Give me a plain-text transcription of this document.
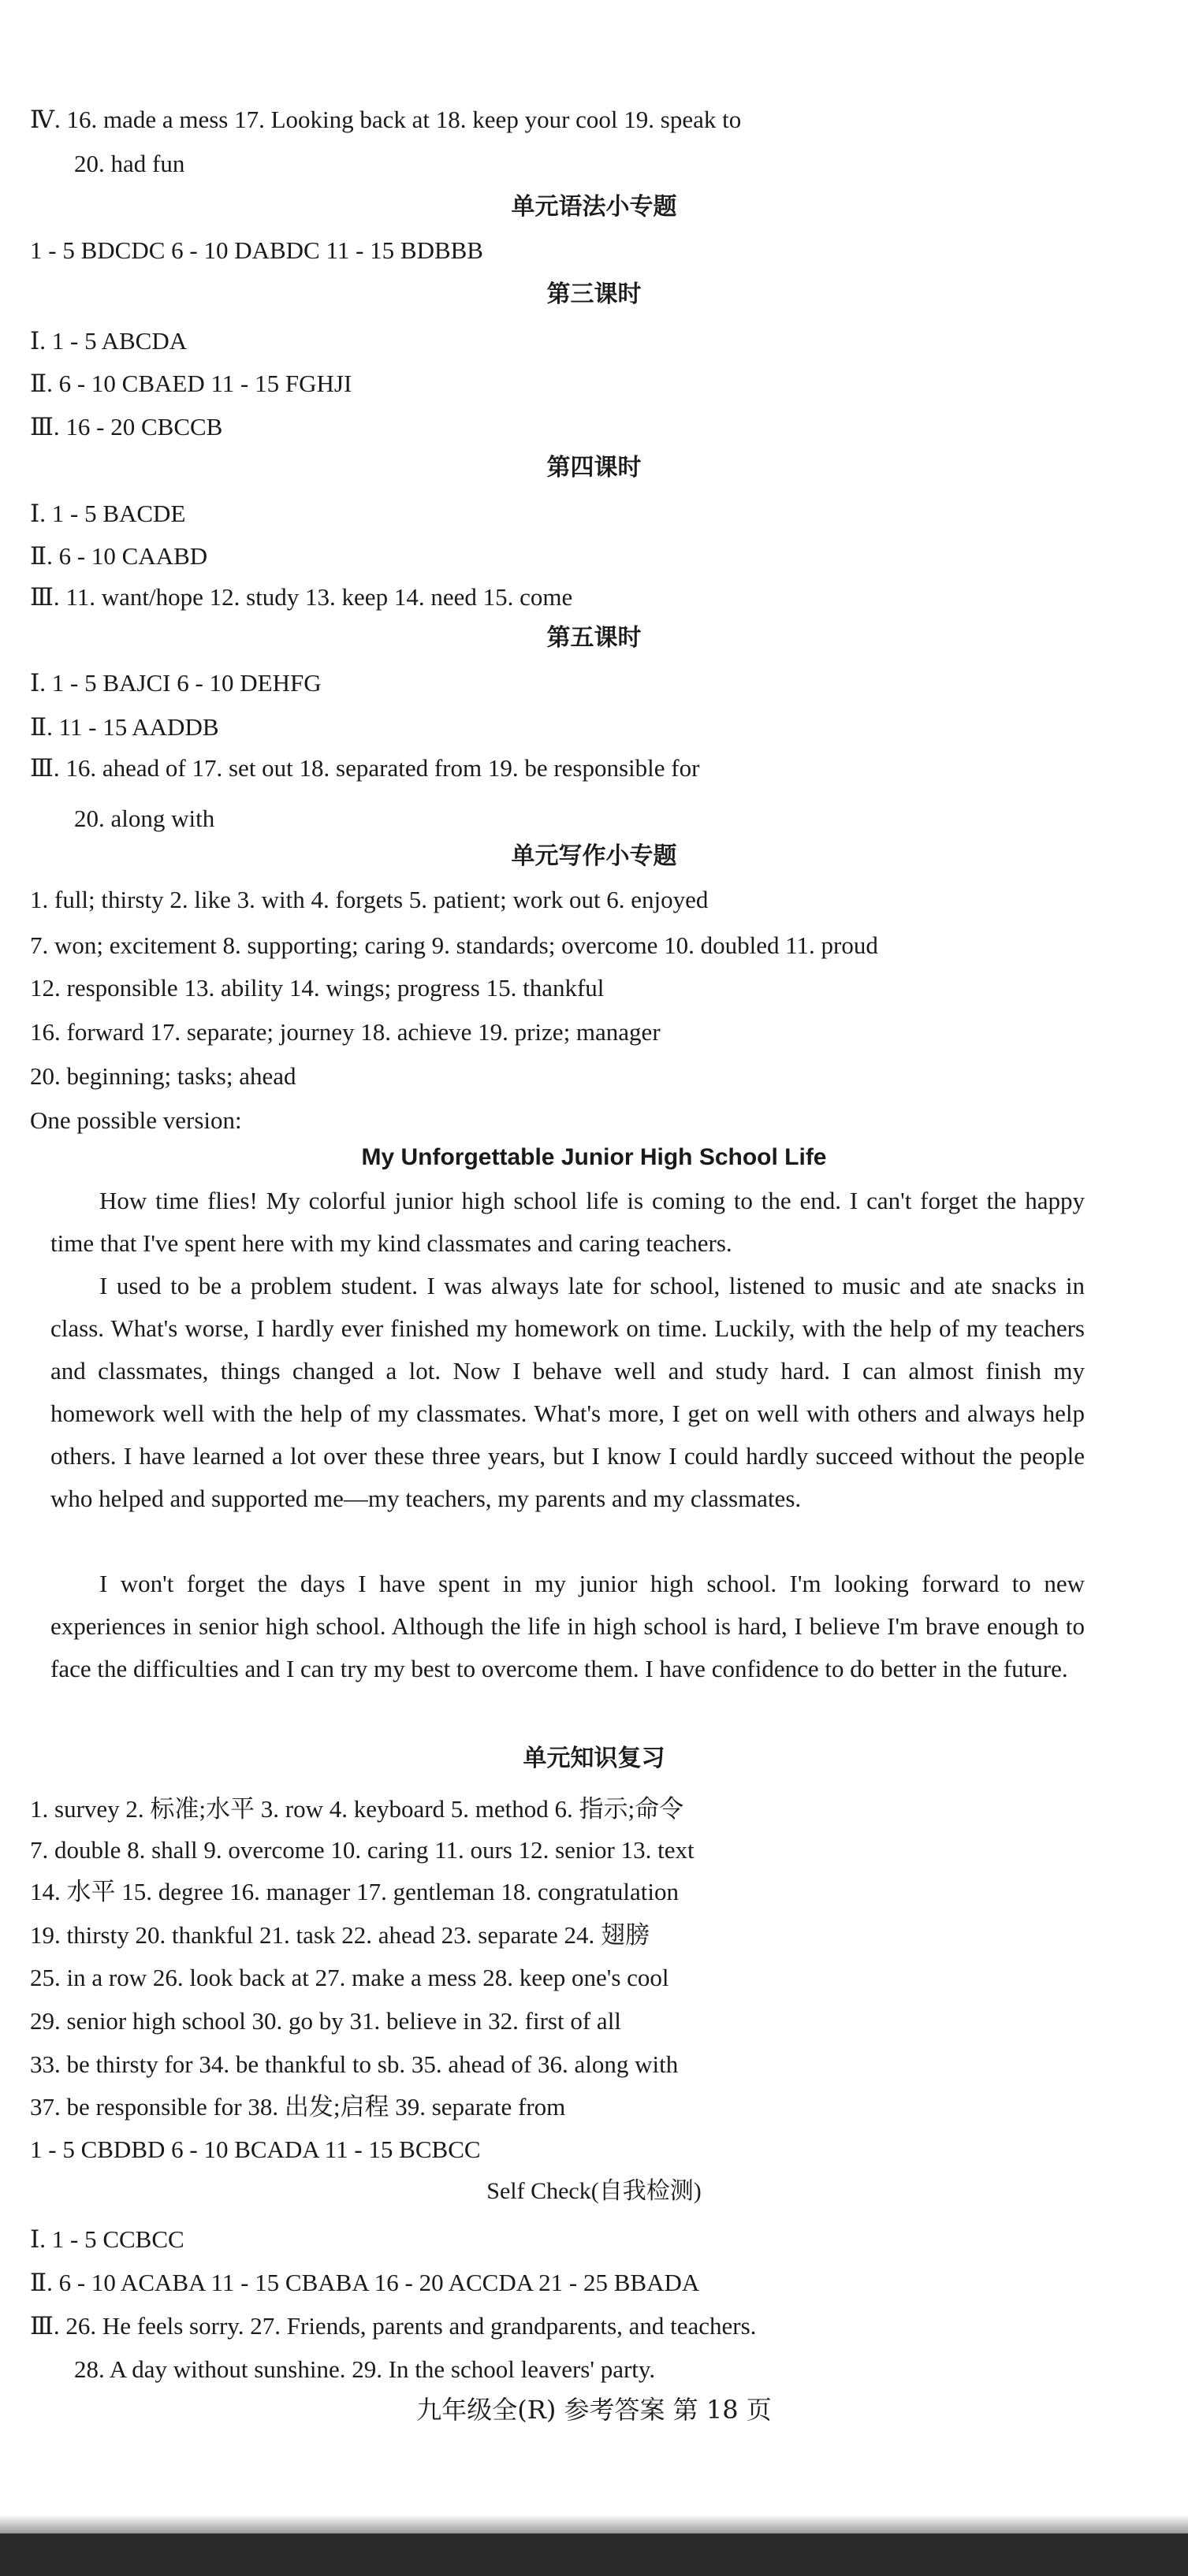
Ⅳ. 16. made a mess 17. Looking back at 18. keep your cool 19. speak to
20. had fun
单元语法小专题
1 - 5 BDCDC 6 - 10 DABDC 11 - 15 BDBBB
第三课时
Ⅰ. 1 - 5 ABCDA
Ⅱ. 6 - 10 CBAED 11 - 15 FGHJI
Ⅲ. 16 - 20 CBCCB
第四课时
Ⅰ. 1 - 5 BACDE
Ⅱ. 6 - 10 CAABD
Ⅲ. 11. want/hope 12. study 13. keep 14. need 15. come
第五课时
Ⅰ. 1 - 5 BAJCI 6 - 10 DEHFG
Ⅱ. 11 - 15 AADDB
Ⅲ. 16. ahead of 17. set out 18. separated from 19. be responsible for
20. along with
单元写作小专题
1. full; thirsty 2. like 3. with 4. forgets 5. patient; work out 6. enjoyed
7. won; excitement 8. supporting; caring 9. standards; overcome 10. doubled 11. proud
12. responsible 13. ability 14. wings; progress 15. thankful
16. forward 17. separate; journey 18. achieve 19. prize; manager
20. beginning; tasks; ahead
One possible version:
My Unforgettable Junior High School Life

How time flies! My colorful junior high school life is coming to the end. I can't forget the happy time that I've spent here with my kind classmates and caring teachers.

I used to be a problem student. I was always late for school, listened to music and ate snacks in class. What's worse, I hardly ever finished my homework on time. Luckily, with the help of my teachers and classmates, things changed a lot. Now I behave well and study hard. I can almost finish my homework well with the help of my classmates. What's more, I get on well with others and always help others. I have learned a lot over these three years, but I know I could hardly succeed without the people who helped and supported me—my teachers, my parents and my classmates.

I won't forget the days I have spent in my junior high school. I'm looking forward to new experiences in senior high school. Although the life in high school is hard, I believe I'm brave enough to face the difficulties and I can try my best to overcome them. I have confidence to do better in the future.

单元知识复习
1. survey 2. 标准;水平 3. row 4. keyboard 5. method 6. 指示;命令
7. double 8. shall 9. overcome 10. caring 11. ours 12. senior 13. text
14. 水平 15. degree 16. manager 17. gentleman 18. congratulation
19. thirsty 20. thankful 21. task 22. ahead 23. separate 24. 翅膀
25. in a row 26. look back at 27. make a mess 28. keep one's cool
29. senior high school 30. go by 31. believe in 32. first of all
33. be thirsty for 34. be thankful to sb. 35. ahead of 36. along with
37. be responsible for 38. 出发;启程 39. separate from
1 - 5 CBDBD 6 - 10 BCADA 11 - 15 BCBCC
Self Check(自我检测)
Ⅰ. 1 - 5 CCBCC
Ⅱ. 6 - 10 ACABA 11 - 15 CBABA 16 - 20 ACCDA 21 - 25 BBADA
Ⅲ. 26. He feels sorry. 27. Friends, parents and grandparents, and teachers.
28. A day without sunshine. 29. In the school leavers' party.
九年级全(R) 参考答案 第 18 页
